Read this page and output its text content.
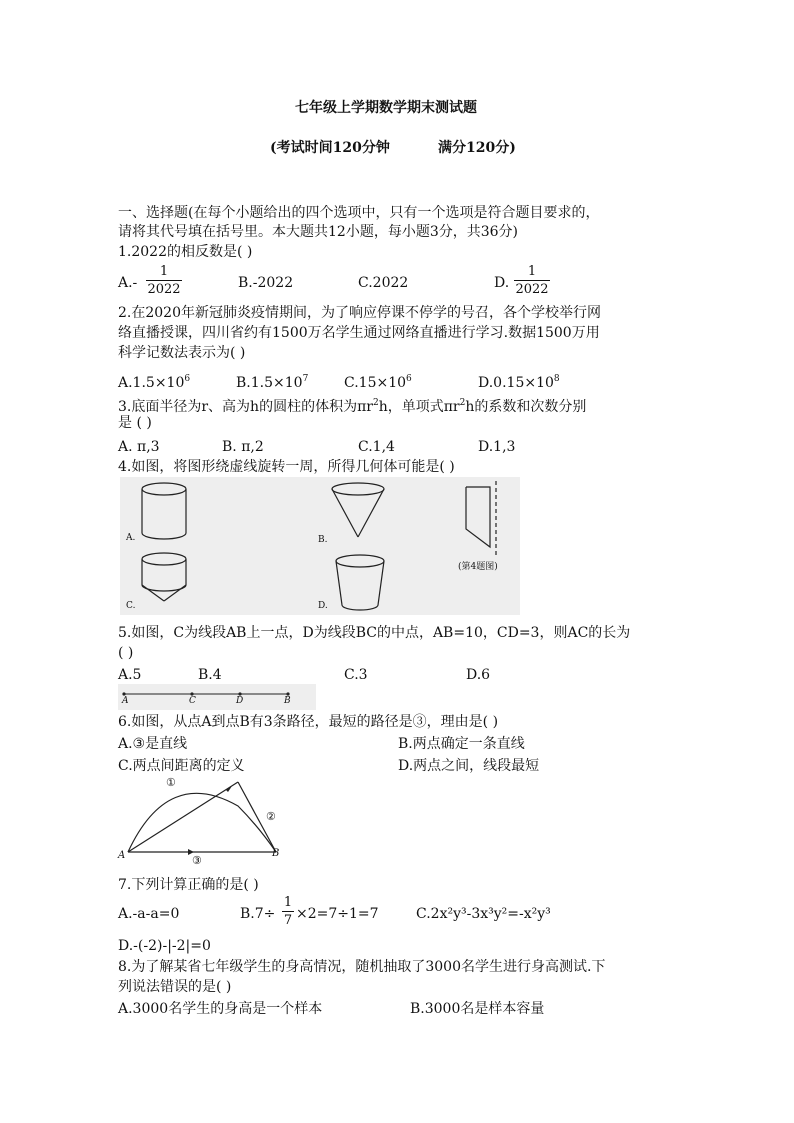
七年级上学期数学期末测试题
(考试时间120分钟	满分120分)
一、选择题(在每个小题给出的四个选项中，只有一个选项是符合题目要求的，
请将其代号填在括号里。本大题共12小题，每小题3分，共36分)
1.2022的相反数是( )
A.-
1
2022	B.-2022	C.2022	D.
1
2022
2.在2020年新冠肺炎疫情期间，为了响应停课不停学的号召，各个学校举行网
络直播授课，四川省约有1500万名学生通过网络直播进行学习.数据1500万用
科学记数法表示为( )
$A.1.5\times 10^6$	$B.1.5\times 10^7$	$C.15\times 10^6$	$D.0.15\times 10^8$
3.底面半径为r、高为h的圆柱的体积为$\pi r^2h$，单项式$\pi r^2h$的系数和次数分别
是 ( )
A. π,3	B. π,2	C.1,4	D.1,3
4.如图，将图形绕虚线旋转一周，所得几何体可能是( )
A.	B.
C.	D.
(第4题图)
5.如图，C为线段AB上一点，D为线段BC的中点，AB=10，CD=3，则AC的长为
( )
A.5	B.4	C.3	D.6
A	C	D	B
6.如图，从点A到点B有3条路径，最短的路径是③，理由是( )
A.③是直线	B.两点确定一条直线
C.两点间距离的定义	D.两点之间，线段最短
①
②
③
A	B
7.下列计算正确的是( )
A.-a-a=0	B.7÷
1
7 ×2=7÷1=7	C.2x²y³-3x³y²=-x²y³
D.-(-2)-|-2|=0
8.为了解某省七年级学生的身高情况，随机抽取了3000名学生进行身高测试.下
列说法错误的是( )
A.3000名学生的身高是一个样本	B.3000名是样本容量
